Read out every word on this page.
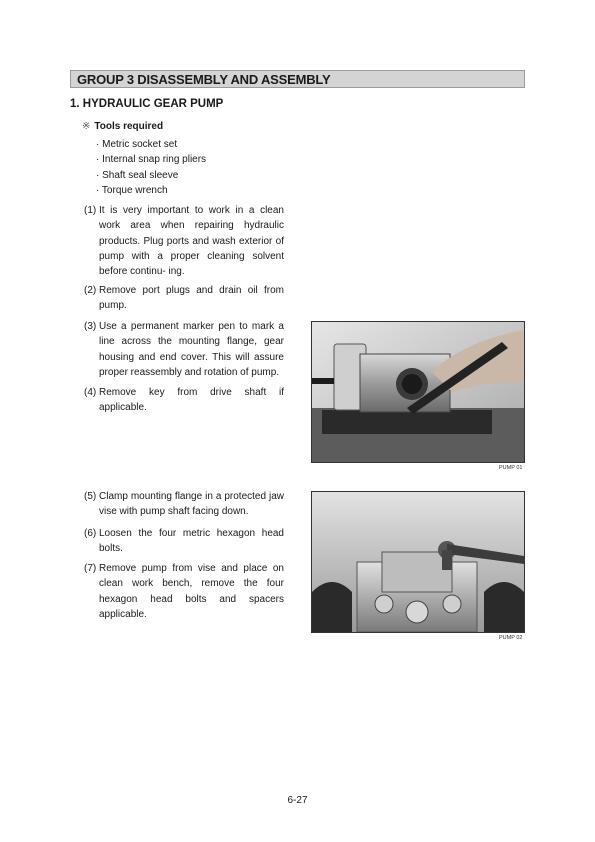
GROUP 3 DISASSEMBLY AND ASSEMBLY
1. HYDRAULIC GEAR PUMP
※ Tools required
· Metric socket set
· Internal snap ring pliers
· Shaft seal sleeve
· Torque wrench
(1) It is very important to work in a clean work area when repairing hydraulic products. Plug ports and wash exterior of pump with a proper cleaning solvent before continu- ing.
(2) Remove port plugs and drain oil from pump.
(3) Use a permanent marker pen to mark a line across the mounting flange, gear housing and end cover. This will assure proper reassembly and rotation of pump.
(4) Remove key from drive shaft if applicable.
(5) Clamp mounting flange in a protected jaw vise with pump shaft facing down.
(6) Loosen the four metric hexagon head bolts.
(7) Remove pump from vise and place on clean work bench, remove the four hexagon head bolts and spacers applicable.
PUMP 01
PUMP 02
6-27
